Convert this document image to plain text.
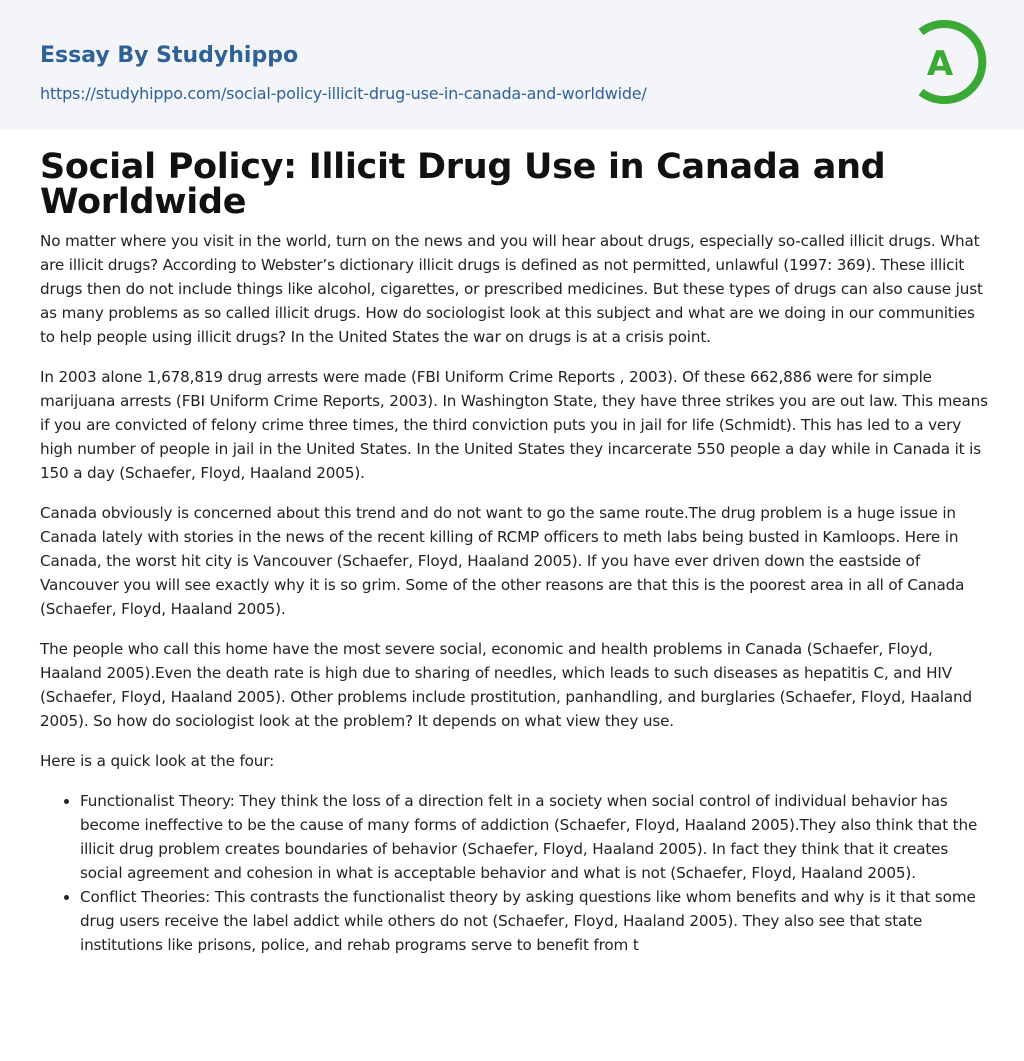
Essay By Studyhippo
https://studyhippo.com/social-policy-illicit-drug-use-in-canada-and-worldwide/
A
Social Policy: Illicit Drug Use in Canada and Worldwide

No matter where you visit in the world, turn on the news and you will hear about drugs, especially so-called illicit drugs. What are illicit drugs? According to Webster’s dictionary illicit drugs is defined as not permitted, unlawful (1997: 369). These illicit drugs then do not include things like alcohol, cigarettes, or prescribed medicines. But these types of drugs can also cause just as many problems as so called illicit drugs. How do sociologist look at this subject and what are we doing in our communities to help people using illicit drugs? In the United States the war on drugs is at a crisis point.

In 2003 alone 1,678,819 drug arrests were made (FBI Uniform Crime Reports , 2003). Of these 662,886 were for simple marijuana arrests (FBI Uniform Crime Reports, 2003). In Washington State, they have three strikes you are out law. This means if you are convicted of felony crime three times, the third conviction puts you in jail for life (Schmidt). This has led to a very high number of people in jail in the United States. In the United States they incarcerate 550 people a day while in Canada it is 150 a day (Schaefer, Floyd, Haaland 2005).

Canada obviously is concerned about this trend and do not want to go the same route.The drug problem is a huge issue in Canada lately with stories in the news of the recent killing of RCMP officers to meth labs being busted in Kamloops. Here in Canada, the worst hit city is Vancouver (Schaefer, Floyd, Haaland 2005). If you have ever driven down the eastside of Vancouver you will see exactly why it is so grim. Some of the other reasons are that this is the poorest area in all of Canada (Schaefer, Floyd, Haaland 2005).

The people who call this home have the most severe social, economic and health problems in Canada (Schaefer, Floyd, Haaland 2005).Even the death rate is high due to sharing of needles, which leads to such diseases as hepatitis C, and HIV (Schaefer, Floyd, Haaland 2005). Other problems include prostitution, panhandling, and burglaries (Schaefer, Floyd, Haaland 2005). So how do sociologist look at the problem? It depends on what view they use.

Here is a quick look at the four:

• Functionalist Theory: They think the loss of a direction felt in a society when social control of individual behavior has become ineffective to be the cause of many forms of addiction (Schaefer, Floyd, Haaland 2005).They also think that the illicit drug problem creates boundaries of behavior (Schaefer, Floyd, Haaland 2005). In fact they think that it creates social agreement and cohesion in what is acceptable behavior and what is not (Schaefer, Floyd, Haaland 2005).
• Conflict Theories: This contrasts the functionalist theory by asking questions like whom benefits and why is it that some drug users receive the label addict while others do not (Schaefer, Floyd, Haaland 2005). They also see that state institutions like prisons, police, and rehab programs serve to benefit from t
